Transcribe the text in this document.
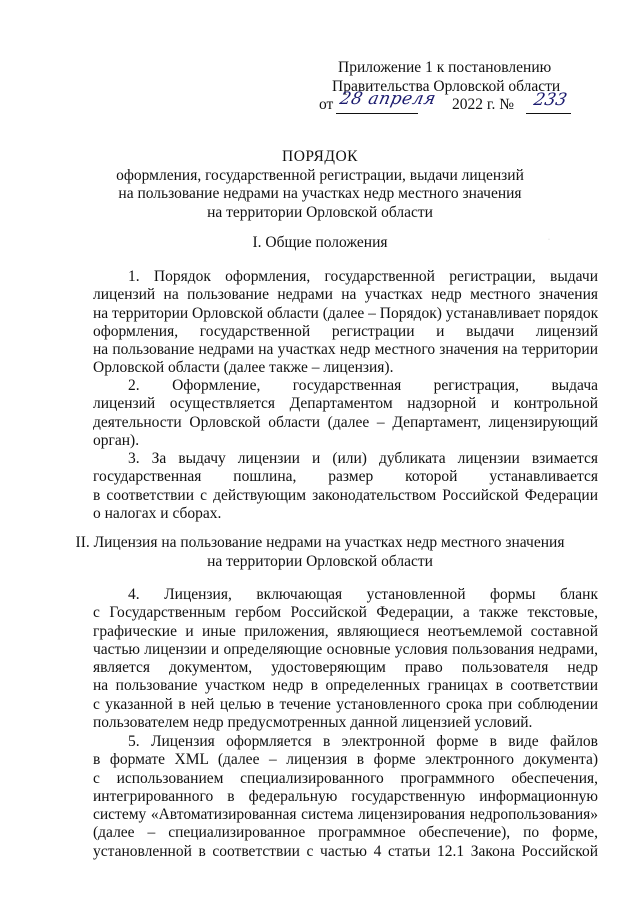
Приложение 1 к постановлению
Правительства Орловской области
от 28 апреля 2022 г. № 233
ПОРЯДОК
оформления, государственной регистрации, выдачи лицензий
на пользование недрами на участках недр местного значения
на территории Орловской области
·
I. Общие положения
1. Порядок оформления, государственной регистрации, выдачи
лицензий на пользование недрами на участках недр местного значения
на территории Орловской области (далее – Порядок) устанавливает порядок
оформления, государственной регистрации и выдачи лицензий
на пользование недрами на участках недр местного значения на территории
Орловской области (далее также – лицензия).
2. Оформление, государственная регистрация, выдача
лицензий осуществляется Департаментом надзорной и контрольной
деятельности Орловской области (далее – Департамент, лицензирующий
орган).
3. За выдачу лицензии и (или) дубликата лицензии взимается
государственная пошлина, размер которой устанавливается
в соответствии с действующим законодательством Российской Федерации
о налогах и сборах.
II. Лицензия на пользование недрами на участках недр местного значения
на территории Орловской области
4. Лицензия, включающая установленной формы бланк
с Государственным гербом Российской Федерации, а также текстовые,
графические и иные приложения, являющиеся неотъемлемой составной
частью лицензии и определяющие основные условия пользования недрами,
является документом, удостоверяющим право пользователя недр
на пользование участком недр в определенных границах в соответствии
с указанной в ней целью в течение установленного срока при соблюдении
пользователем недр предусмотренных данной лицензией условий.
5. Лицензия оформляется в электронной форме в виде файлов
в формате XML (далее – лицензия в форме электронного документа)
с использованием специализированного программного обеспечения,
интегрированного в федеральную государственную информационную
систему «Автоматизированная система лицензирования недропользования»
(далее – специализированное программное обеспечение), по форме,
установленной в соответствии с частью 4 статьи 12.1 Закона Российской
